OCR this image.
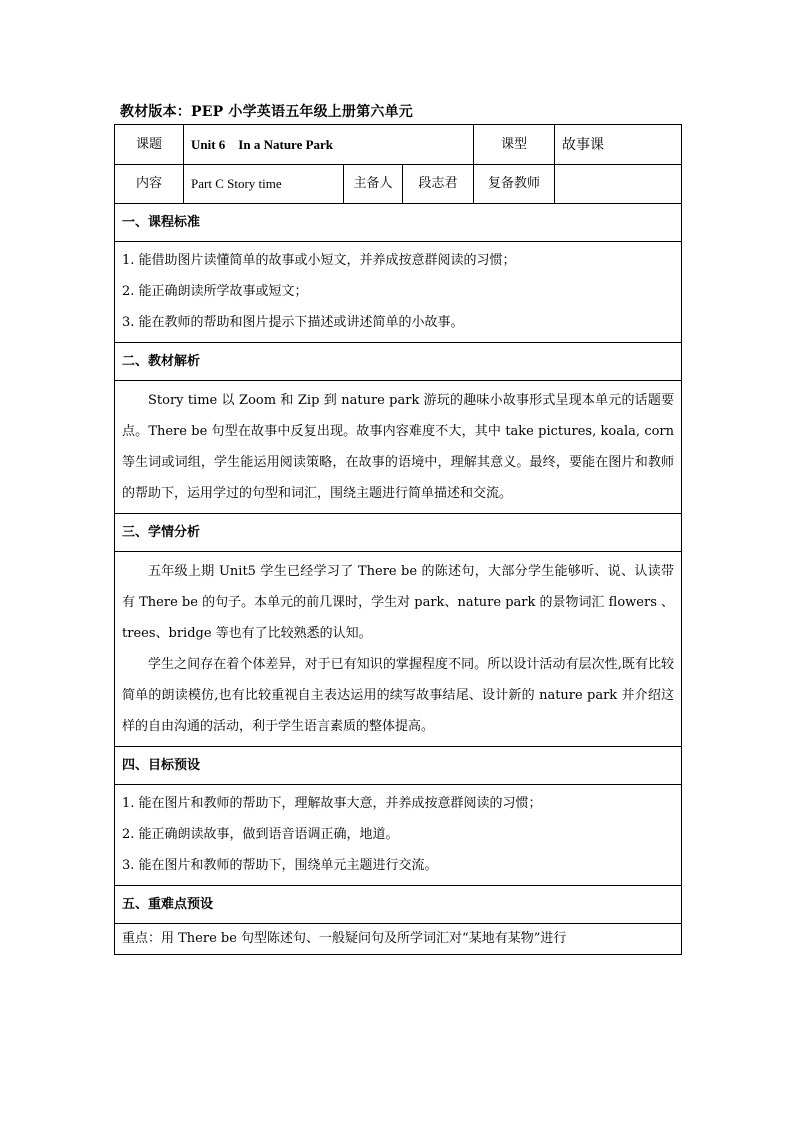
教材版本：PEP 小学英语五年级上册第六单元
课题	Unit 6    In a Nature Park			课型	故事课
内容	Part C Story time	主备人	段志君	复备教师	
一、课程标准					

1. 能借助图片读懂简单的故事或小短文，并养成按意群阅读的习惯；

2. 能正确朗读所学故事或短文；

3. 能在教师的帮助和图片提示下描述或讲述简单的小故事。					

二、教材解析					

Story time 以 Zoom 和 Zip 到 nature park 游玩的趣味小故事形式呈现本单元的话题要点。There be 句型在故事中反复出现。故事内容难度不大，其中 take pictures, koala, corn 等生词或词组，学生能运用阅读策略，在故事的语境中，理解其意义。最终，要能在图片和教师的帮助下，运用学过的句型和词汇，围绕主题进行简单描述和交流。					

三、学情分析					

五年级上期 Unit5 学生已经学习了 There be 的陈述句，大部分学生能够听、说、认读带有 There be 的句子。本单元的前几课时，学生对 park、nature park 的景物词汇 flowers 、trees、bridge 等也有了比较熟悉的认知。

学生之间存在着个体差异，对于已有知识的掌握程度不同。所以设计活动有层次性,既有比较简单的朗读模仿,也有比较重视自主表达运用的续写故事结尾、设计新的 nature park 并介绍这样的自由沟通的活动，利于学生语言素质的整体提高。					

四、目标预设					

1. 能在图片和教师的帮助下，理解故事大意，并养成按意群阅读的习惯；

2. 能正确朗读故事，做到语音语调正确，地道。

3. 能在图片和教师的帮助下，围绕单元主题进行交流。					

五、重难点预设					
重点：用 There be 句型陈述句、一般疑问句及所学词汇对“某地有某物”进行					
